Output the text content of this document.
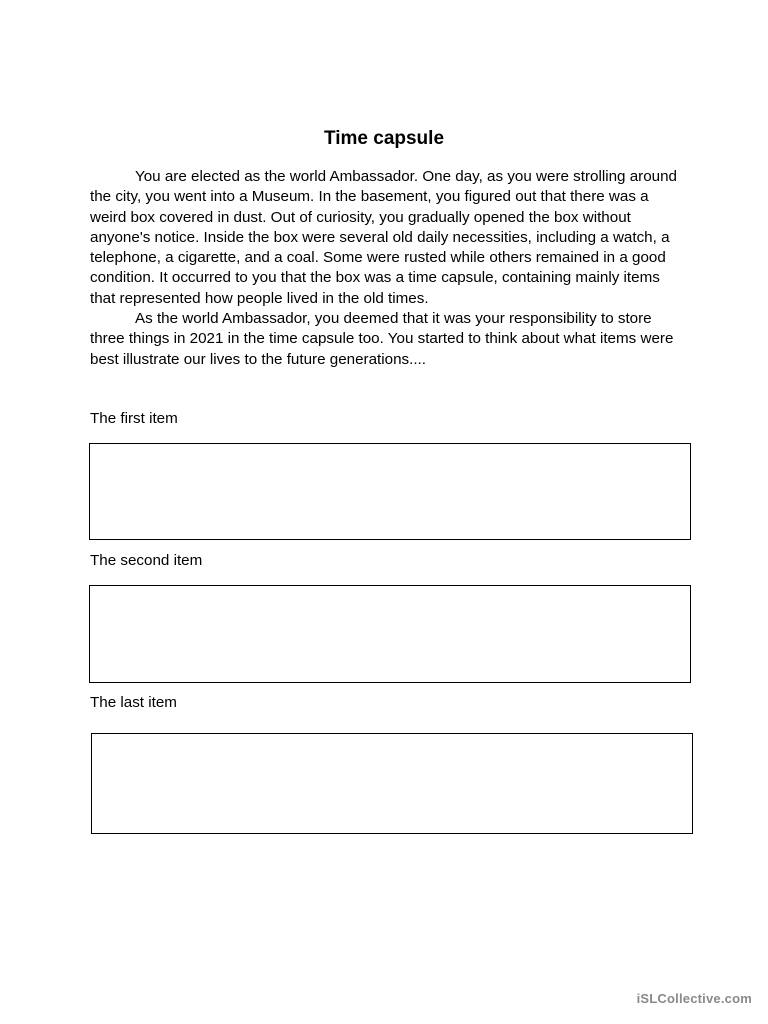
Time capsule

You are elected as the world Ambassador. One day, as you were strolling around the city, you went into a Museum. In the basement, you figured out that there was a weird box covered in dust. Out of curiosity, you gradually opened the box without anyone's notice. Inside the box were several old daily necessities, including a watch, a telephone, a cigarette, and a coal. Some were rusted while others remained in a good condition. It occurred to you that the box was a time capsule, containing mainly items that represented how people lived in the old times.

As the world Ambassador, you deemed that it was your responsibility to store three things in 2021 in the time capsule too. You started to think about what items were best illustrate our lives to the future generations....

The first item
The second item
The last item
iSLCollective.com
